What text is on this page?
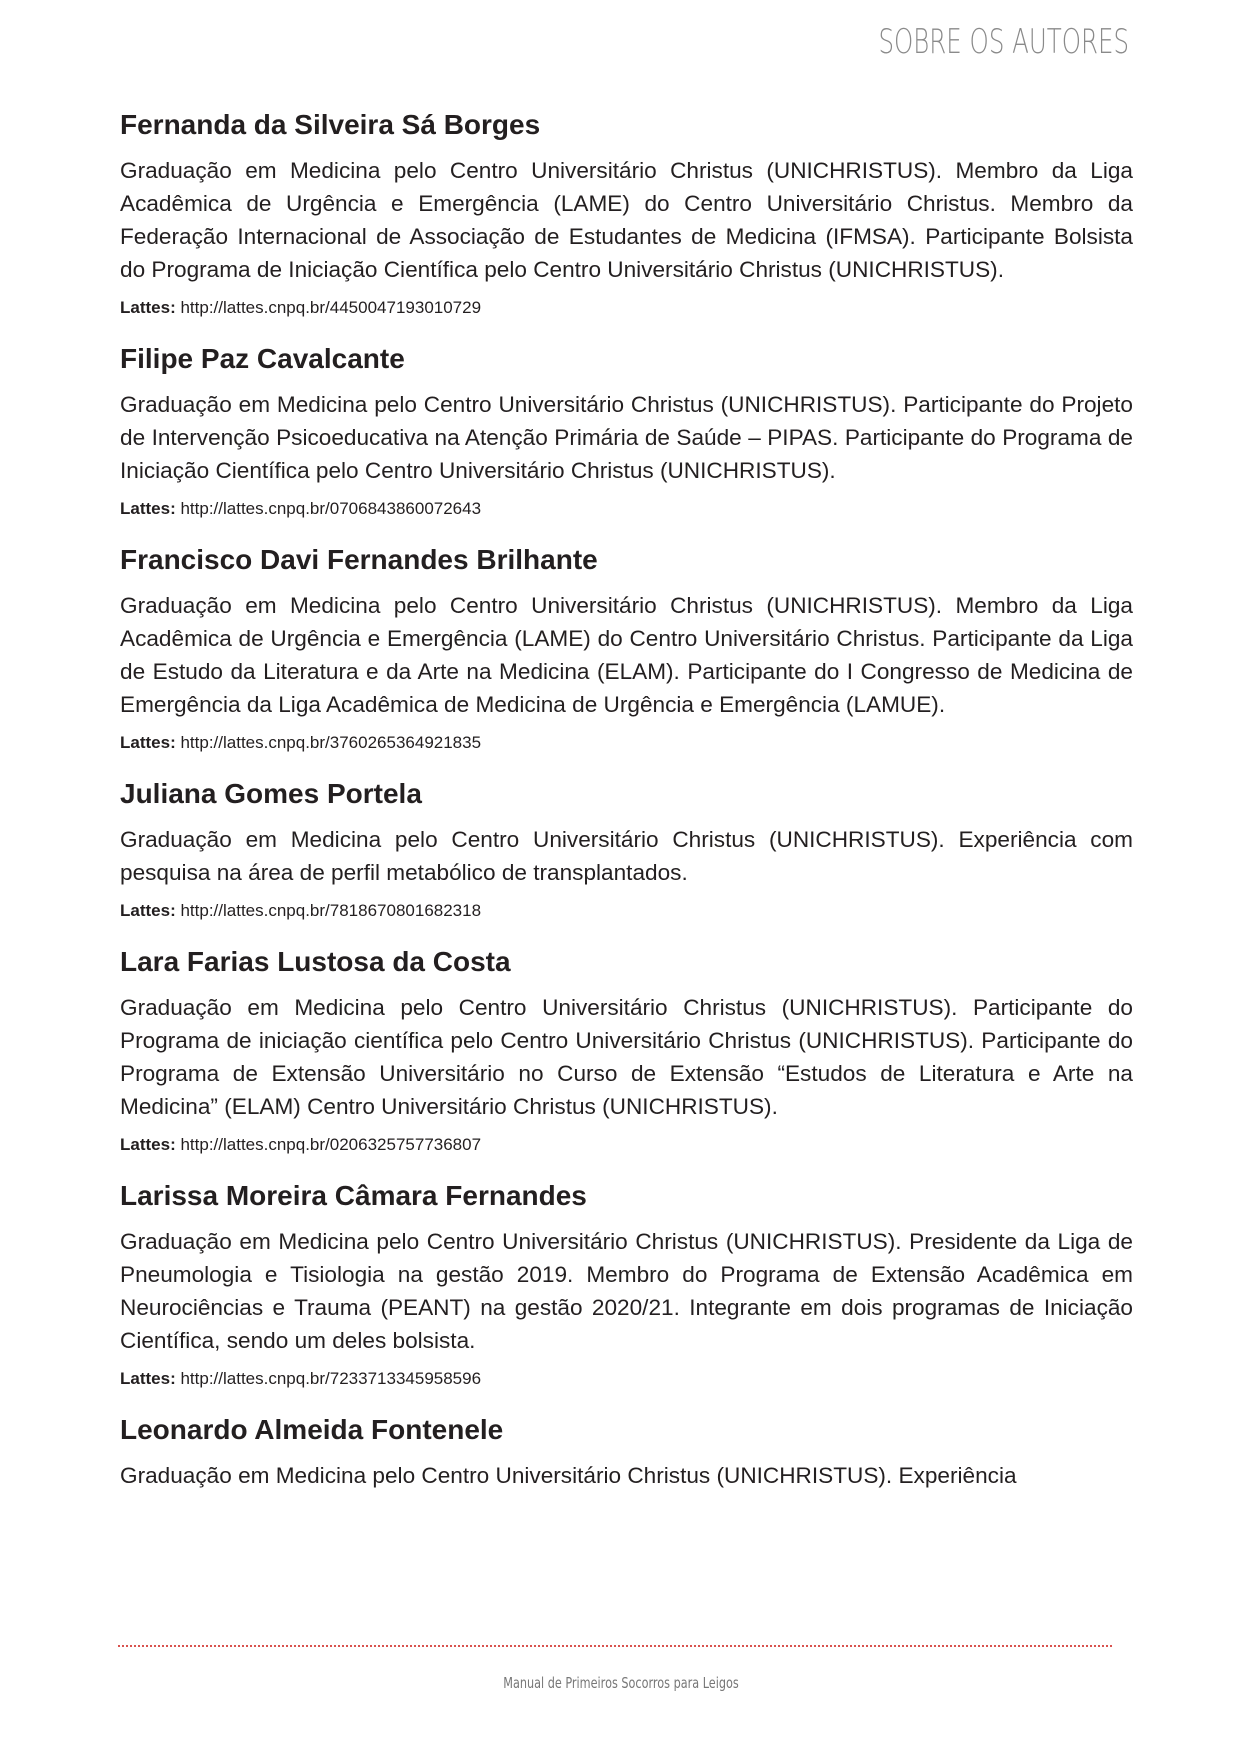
SOBRE OS AUTORES
Fernanda da Silveira Sá Borges

Graduação em Medicina pelo Centro Universitário Christus (UNICHRISTUS). Membro da Liga Acadêmica de Urgência e Emergência (LAME) do Centro Universitário Christus. Membro da Federação Internacional de Associação de Estudantes de Medicina (IFMSA). Participante Bolsista do Programa de Iniciação Científica pelo Centro Universitário Christus (UNICHRISTUS).

Lattes: http://lattes.cnpq.br/4450047193010729

Filipe Paz Cavalcante

Graduação em Medicina pelo Centro Universitário Christus (UNICHRISTUS). Participante do Projeto de Intervenção Psicoeducativa na Atenção Primária de Saúde – PIPAS. Participante do Programa de Iniciação Científica pelo Centro Universitário Christus (UNICHRISTUS).

Lattes: http://lattes.cnpq.br/0706843860072643

Francisco Davi Fernandes Brilhante

Graduação em Medicina pelo Centro Universitário Christus (UNICHRISTUS). Membro da Liga Acadêmica de Urgência e Emergência (LAME) do Centro Universitário Christus. Participante da Liga de Estudo da Literatura e da Arte na Medicina (ELAM). Participante do I Congresso de Medicina de Emergência da Liga Acadêmica de Medicina de Urgência e Emergência (LAMUE).

Lattes: http://lattes.cnpq.br/3760265364921835

Juliana Gomes Portela

Graduação em Medicina pelo Centro Universitário Christus (UNICHRISTUS). Experiência com pesquisa na área de perfil metabólico de transplantados.

Lattes: http://lattes.cnpq.br/7818670801682318

Lara Farias Lustosa da Costa

Graduação em Medicina pelo Centro Universitário Christus (UNICHRISTUS). Participante do Programa de iniciação científica pelo Centro Universitário Christus (UNICHRISTUS). Participante do Programa de Extensão Universitário no Curso de Extensão “Estudos de Literatura e Arte na Medicina” (ELAM) Centro Universitário Christus (UNICHRISTUS).

Lattes: http://lattes.cnpq.br/0206325757736807

Larissa Moreira Câmara Fernandes

Graduação em Medicina pelo Centro Universitário Christus (UNICHRISTUS). Presidente da Liga de Pneumologia e Tisiologia na gestão 2019. Membro do Programa de Extensão Acadêmica em Neurociências e Trauma (PEANT) na gestão 2020/21. Integrante em dois programas de Iniciação Científica, sendo um deles bolsista.

Lattes: http://lattes.cnpq.br/7233713345958596

Leonardo Almeida Fontenele

Graduação em Medicina pelo Centro Universitário Christus (UNICHRISTUS). Experiência

Manual de Primeiros Socorros para Leigos
